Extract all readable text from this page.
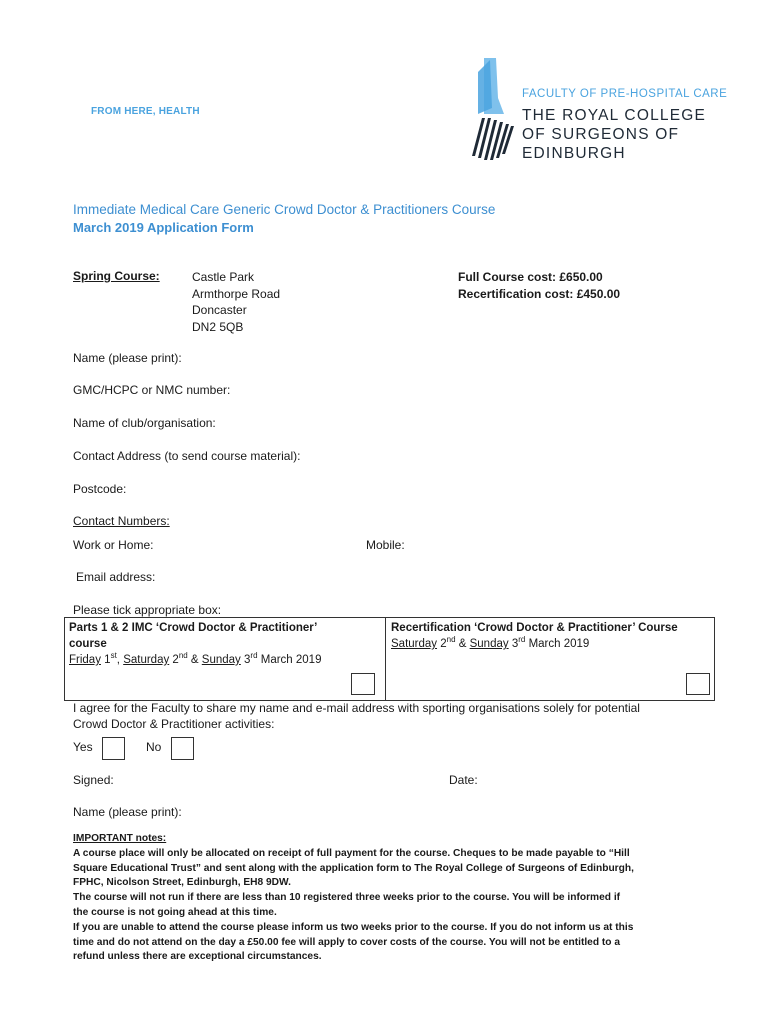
FROM HERE, HEALTH
FACULTY OF PRE-HOSPITAL CARE
THE ROYAL COLLEGE
OF SURGEONS OF
EDINBURGH
Immediate Medical Care Generic Crowd Doctor & Practitioners Course
March 2019 Application Form
Spring Course:	Castle Park
Armthorpe Road
Doncaster
DN2 5QB
Full Course cost: £650.00
Recertification cost: £450.00
Name (please print):
GMC/HCPC or NMC number:
Name of club/organisation:
Contact Address (to send course material):
Postcode:
Contact Numbers:
Work or Home:	Mobile:
Email address:
Please tick appropriate box:
Parts 1 & 2 IMC ‘Crowd Doctor & Practitioner’
course
Friday 1st, Saturday 2nd & Sunday 3rd March 2019
Recertification ‘Crowd Doctor & Practitioner’ Course
Saturday 2nd & Sunday 3rd March 2019
I agree for the Faculty to share my name and e-mail address with sporting organisations solely for potential
Crowd Doctor & Practitioner activities:
Yes	No
Signed:	Date:
Name (please print):
IMPORTANT notes:
A course place will only be allocated on receipt of full payment for the course. Cheques to be made payable to “Hill
Square Educational Trust” and sent along with the application form to The Royal College of Surgeons of Edinburgh,
FPHC, Nicolson Street, Edinburgh, EH8 9DW.
The course will not run if there are less than 10 registered three weeks prior to the course. You will be informed if
the course is not going ahead at this time.
If you are unable to attend the course please inform us two weeks prior to the course. If you do not inform us at this
time and do not attend on the day a £50.00 fee will apply to cover costs of the course. You will not be entitled to a
refund unless there are exceptional circumstances.
